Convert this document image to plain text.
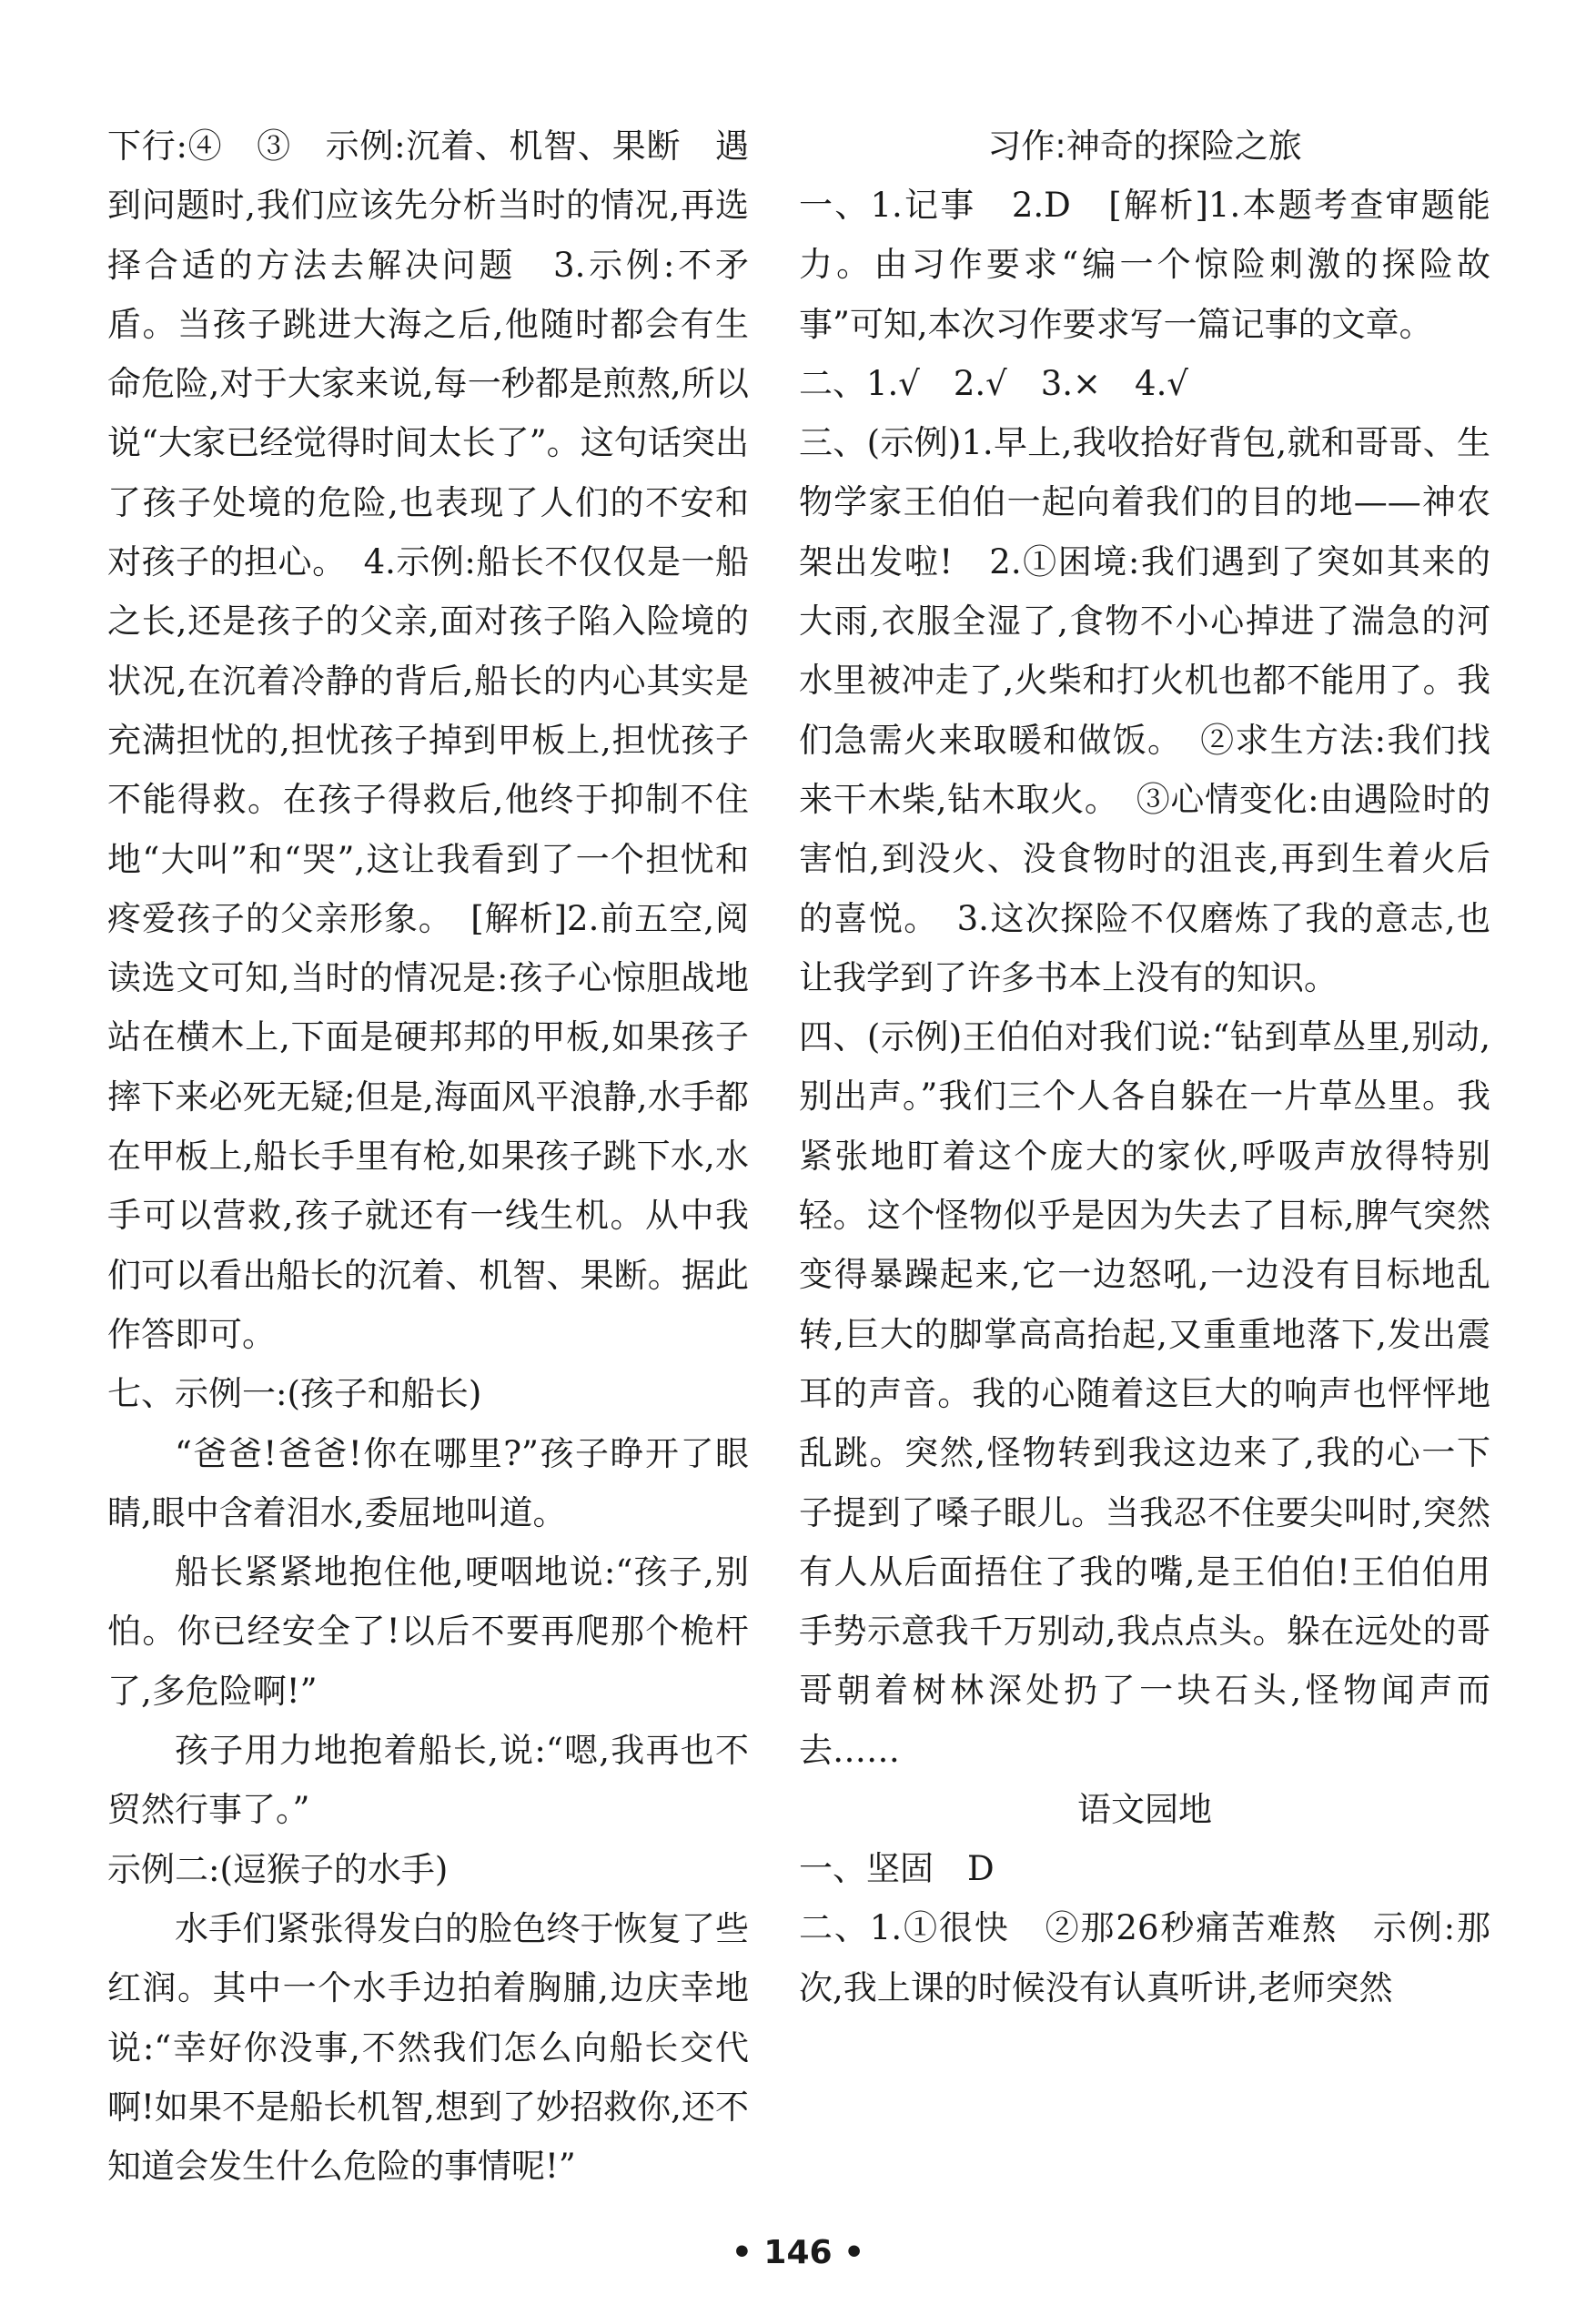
下行:④　③　示例:沉着、机智、果断　遇到问题时,我们应该先分析当时的情况,再选择合适的方法去解决问题　3.示例:不矛盾。当孩子跳进大海之后,他随时都会有生命危险,对于大家来说,每一秒都是煎熬,所以说“大家已经觉得时间太长了”。这句话突出了孩子处境的危险,也表现了人们的不安和对孩子的担心。　4.示例:船长不仅仅是一船之长,还是孩子的父亲,面对孩子陷入险境的状况,在沉着冷静的背后,船长的内心其实是充满担忧的,担忧孩子掉到甲板上,担忧孩子不能得救。在孩子得救后,他终于抑制不住地“大叫”和“哭”,这让我看到了一个担忧和疼爱孩子的父亲形象。　[解析]2.前五空,阅读选文可知,当时的情况是:孩子心惊胆战地站在横木上,下面是硬邦邦的甲板,如果孩子摔下来必死无疑;但是,海面风平浪静,水手都在甲板上,船长手里有枪,如果孩子跳下水,水手可以营救,孩子就还有一线生机。从中我们可以看出船长的沉着、机智、果断。据此作答即可。

七、示例一:(孩子和船长)

“爸爸!爸爸!你在哪里?”孩子睁开了眼睛,眼中含着泪水,委屈地叫道。

船长紧紧地抱住他,哽咽地说:“孩子,别怕。你已经安全了!以后不要再爬那个桅杆了,多危险啊!”

孩子用力地抱着船长,说:“嗯,我再也不贸然行事了。”

示例二:(逗猴子的水手)

水手们紧张得发白的脸色终于恢复了些红润。其中一个水手边拍着胸脯,边庆幸地说:“幸好你没事,不然我们怎么向船长交代啊!如果不是船长机智,想到了妙招救你,还不知道会发生什么危险的事情呢!”

习作:神奇的探险之旅

一、1.记事　2.D　[解析]1.本题考查审题能力。由习作要求“编一个惊险刺激的探险故事”可知,本次习作要求写一篇记事的文章。

二、1.√　2.√　3.×　4.√

三、(示例)1.早上,我收拾好背包,就和哥哥、生物学家王伯伯一起向着我们的目的地——神农架出发啦!　2.①困境:我们遇到了突如其来的大雨,衣服全湿了,食物不小心掉进了湍急的河水里被冲走了,火柴和打火机也都不能用了。我们急需火来取暖和做饭。　②求生方法:我们找来干木柴,钻木取火。　③心情变化:由遇险时的害怕,到没火、没食物时的沮丧,再到生着火后的喜悦。　3.这次探险不仅磨炼了我的意志,也让我学到了许多书本上没有的知识。

四、(示例)王伯伯对我们说:“钻到草丛里,别动,别出声。”我们三个人各自躲在一片草丛里。我紧张地盯着这个庞大的家伙,呼吸声放得特别轻。这个怪物似乎是因为失去了目标,脾气突然变得暴躁起来,它一边怒吼,一边没有目标地乱转,巨大的脚掌高高抬起,又重重地落下,发出震耳的声音。我的心随着这巨大的响声也怦怦地乱跳。突然,怪物转到我这边来了,我的心一下子提到了嗓子眼儿。当我忍不住要尖叫时,突然有人从后面捂住了我的嘴,是王伯伯!王伯伯用手势示意我千万别动,我点点头。躲在远处的哥哥朝着树林深处扔了一块石头,怪物闻声而去……

语文园地

一、坚固　D

二、1.①很快　②那26秒痛苦难熬　示例:那次,我上课的时候没有认真听讲,老师突然

• 146 •
